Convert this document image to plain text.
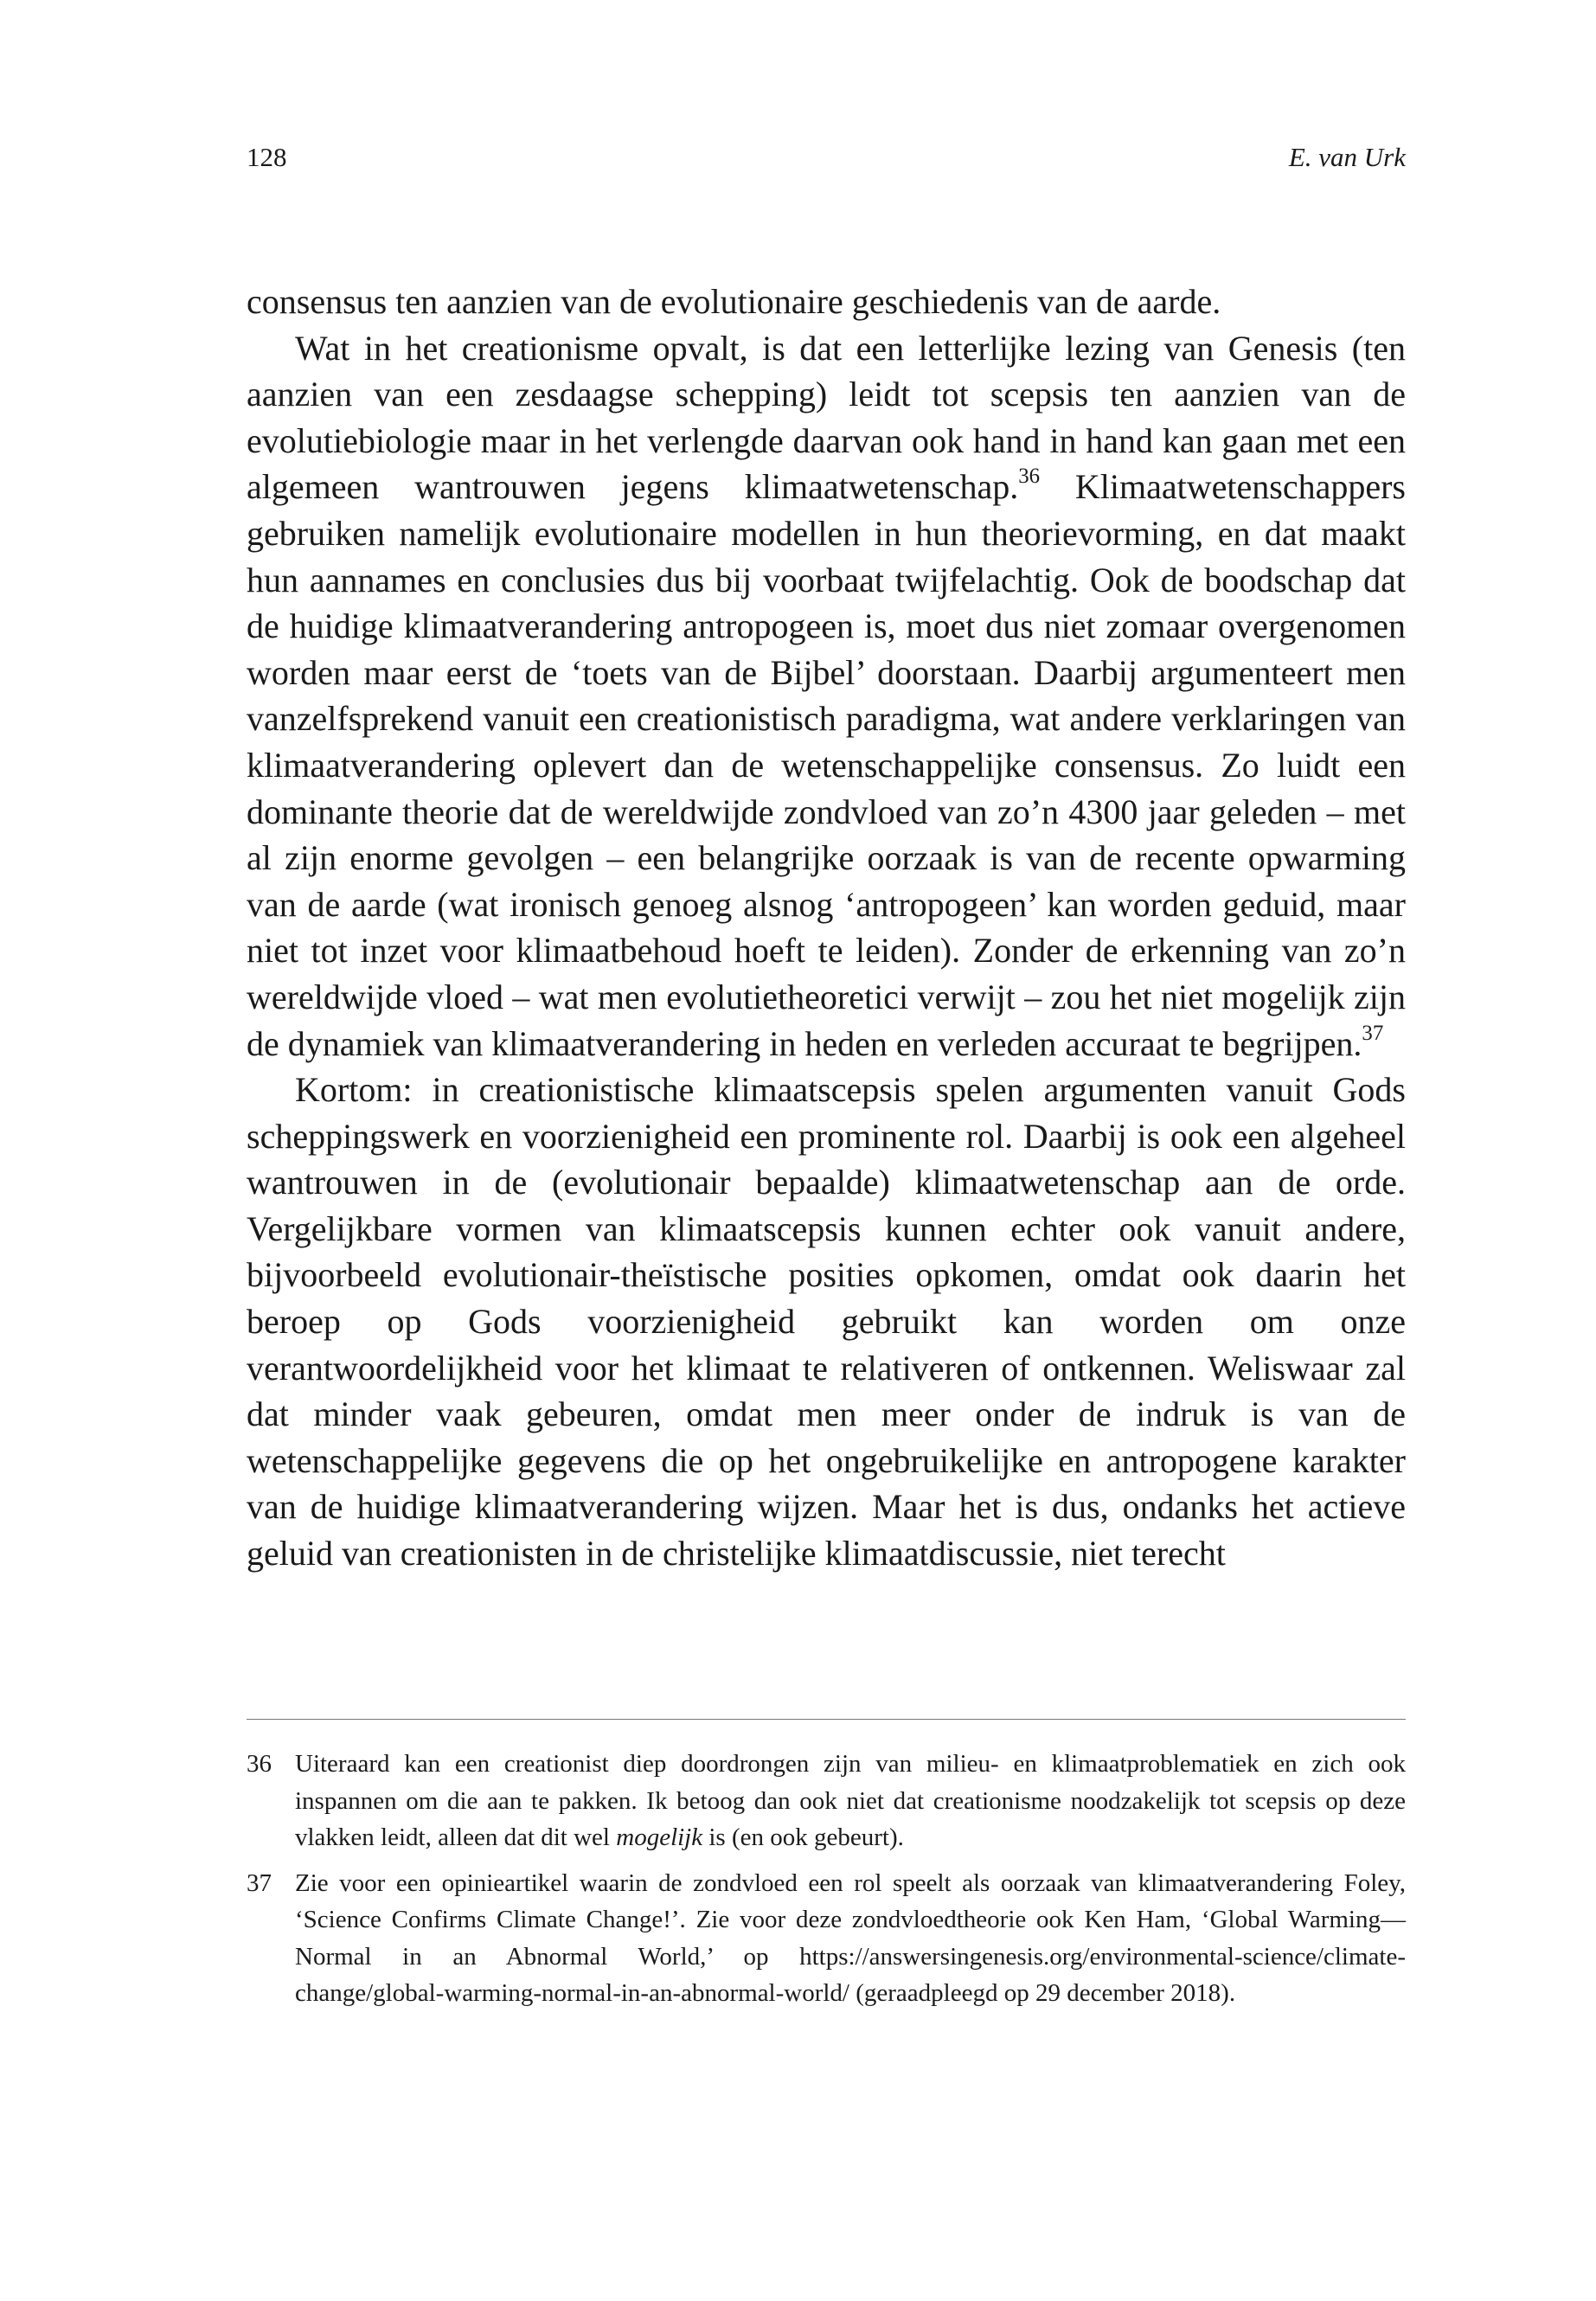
128	E. van Urk

consensus ten aanzien van de evolutionaire geschiedenis van de aarde.

Wat in het creationisme opvalt, is dat een letterlijke lezing van Genesis (ten aanzien van een zesdaagse schepping) leidt tot scepsis ten aanzien van de evolutiebiologie maar in het verlengde daarvan ook hand in hand kan gaan met een algemeen wantrouwen jegens klimaatwetenschap.$^{36}$ Klimaatwetenschappers gebruiken namelijk evolutionaire modellen in hun theorievorming, en dat maakt hun aannames en conclusies dus bij voorbaat twijfelachtig. Ook de boodschap dat de huidige klimaatverandering antropogeen is, moet dus niet zomaar overgenomen worden maar eerst de ‘toets van de Bijbel’ doorstaan. Daarbij argumenteert men vanzelfsprekend vanuit een creationistisch paradigma, wat andere verklaringen van klimaatverandering oplevert dan de wetenschappelijke consensus. Zo luidt een dominante theorie dat de wereldwijde zondvloed van zo’n 4300 jaar geleden – met al zijn enorme gevolgen – een belangrijke oorzaak is van de recente opwarming van de aarde (wat ironisch genoeg alsnog ‘antropogeen’ kan worden geduid, maar niet tot inzet voor klimaatbehoud hoeft te leiden). Zonder de erkenning van zo’n wereldwijde vloed – wat men evolutietheoretici verwijt – zou het niet mogelijk zijn de dynamiek van klimaatverandering in heden en verleden accuraat te begrijpen.$^{37}$

Kortom: in creationistische klimaatscepsis spelen argumenten vanuit Gods scheppingswerk en voorzienigheid een prominente rol. Daarbij is ook een algeheel wantrouwen in de (evolutionair bepaalde) klimaatwetenschap aan de orde. Vergelijkbare vormen van klimaatscepsis kunnen echter ook vanuit andere, bijvoorbeeld evolutionair-theïstische posities opkomen, omdat ook daarin het beroep op Gods voorzienigheid gebruikt kan worden om onze verantwoordelijkheid voor het klimaat te relativeren of ontkennen. Weliswaar zal dat minder vaak gebeuren, omdat men meer onder de indruk is van de wetenschappelijke gegevens die op het ongebruikelijke en antropogene karakter van de huidige klimaatverandering wijzen. Maar het is dus, ondanks het actieve geluid van creationisten in de christelijke klimaatdiscussie, niet terecht

36 Uiteraard kan een creationist diep doordrongen zijn van milieu- en klimaatproblematiek en zich ook inspannen om die aan te pakken. Ik betoog dan ook niet dat creationisme noodzakelijk tot scepsis op deze vlakken leidt, alleen dat dit wel mogelijk is (en ook gebeurt).
37 Zie voor een opinieartikel waarin de zondvloed een rol speelt als oorzaak van klimaatverandering Foley, ‘Science Confirms Climate Change!’. Zie voor deze zondvloedtheorie ook Ken Ham, ‘Global Warming—Normal in an Abnormal World,’ op https://answersingenesis.org/environmental-science/climate-change/global-warming-normal-in-an-abnormal-world/ (geraadpleegd op 29 december 2018).
